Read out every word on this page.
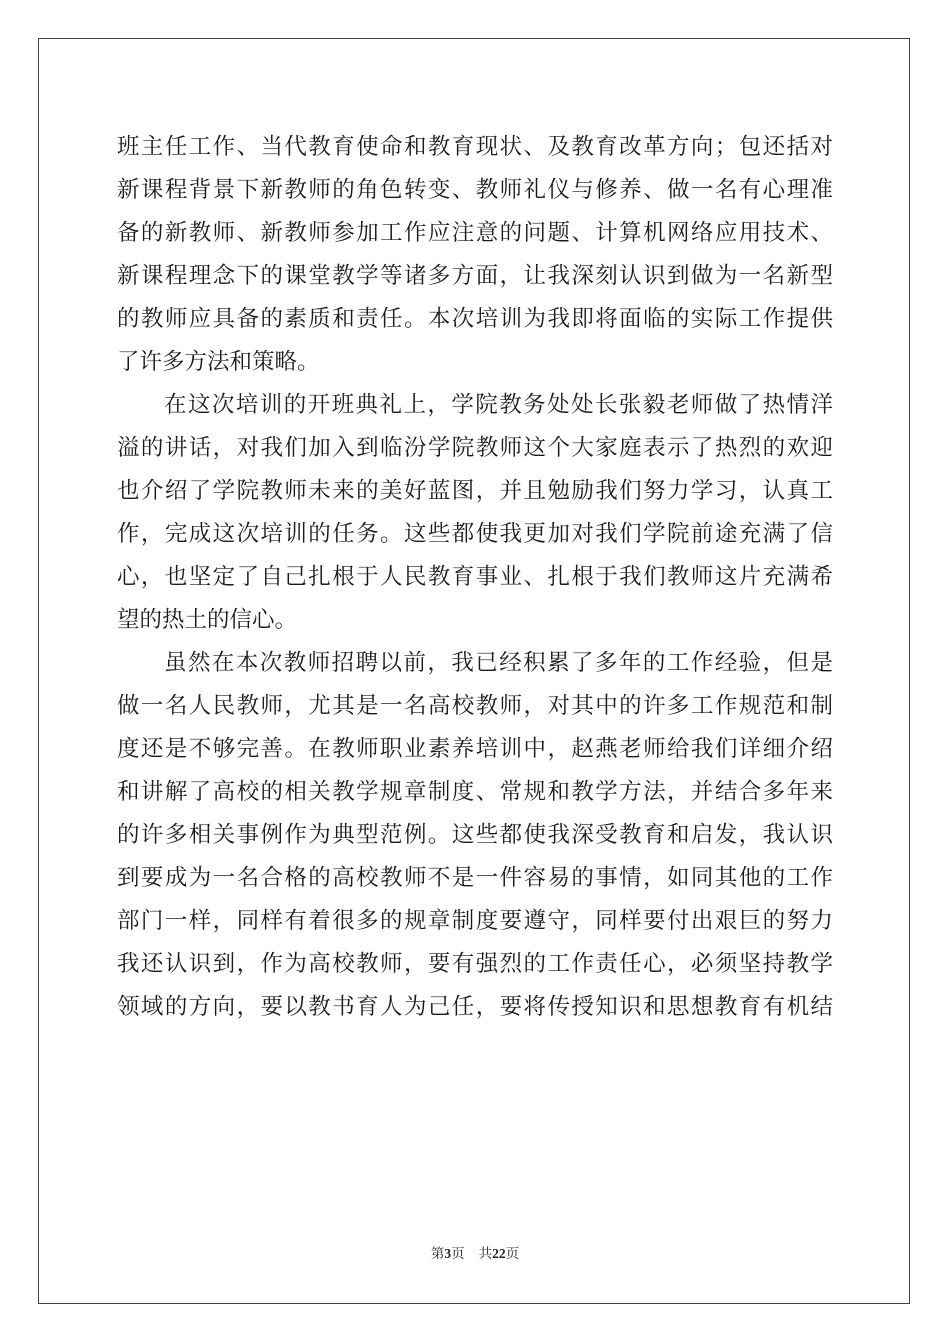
班主任工作、当代教育使命和教育现状、及教育改革方向；包还括对
新课程背景下新教师的角色转变、教师礼仪与修养、做一名有心理准
备的新教师、新教师参加工作应注意的问题、计算机网络应用技术、
新课程理念下的课堂教学等诸多方面，让我深刻认识到做为一名新型
的教师应具备的素质和责任。本次培训为我即将面临的实际工作提供
了许多方法和策略。
在这次培训的开班典礼上，学院教务处处长张毅老师做了热情洋
溢的讲话，对我们加入到临汾学院教师这个大家庭表示了热烈的欢迎
也介绍了学院教师未来的美好蓝图，并且勉励我们努力学习，认真工
作，完成这次培训的任务。这些都使我更加对我们学院前途充满了信
心，也坚定了自己扎根于人民教育事业、扎根于我们教师这片充满希
望的热土的信心。
虽然在本次教师招聘以前，我已经积累了多年的工作经验，但是
做一名人民教师，尤其是一名高校教师，对其中的许多工作规范和制
度还是不够完善。在教师职业素养培训中，赵燕老师给我们详细介绍
和讲解了高校的相关教学规章制度、常规和教学方法，并结合多年来
的许多相关事例作为典型范例。这些都使我深受教育和启发，我认识
到要成为一名合格的高校教师不是一件容易的事情，如同其他的工作
部门一样，同样有着很多的规章制度要遵守，同样要付出艰巨的努力
我还认识到，作为高校教师，要有强烈的工作责任心，必须坚持教学
领域的方向，要以教书育人为己任，要将传授知识和思想教育有机结
第3页 共22页
